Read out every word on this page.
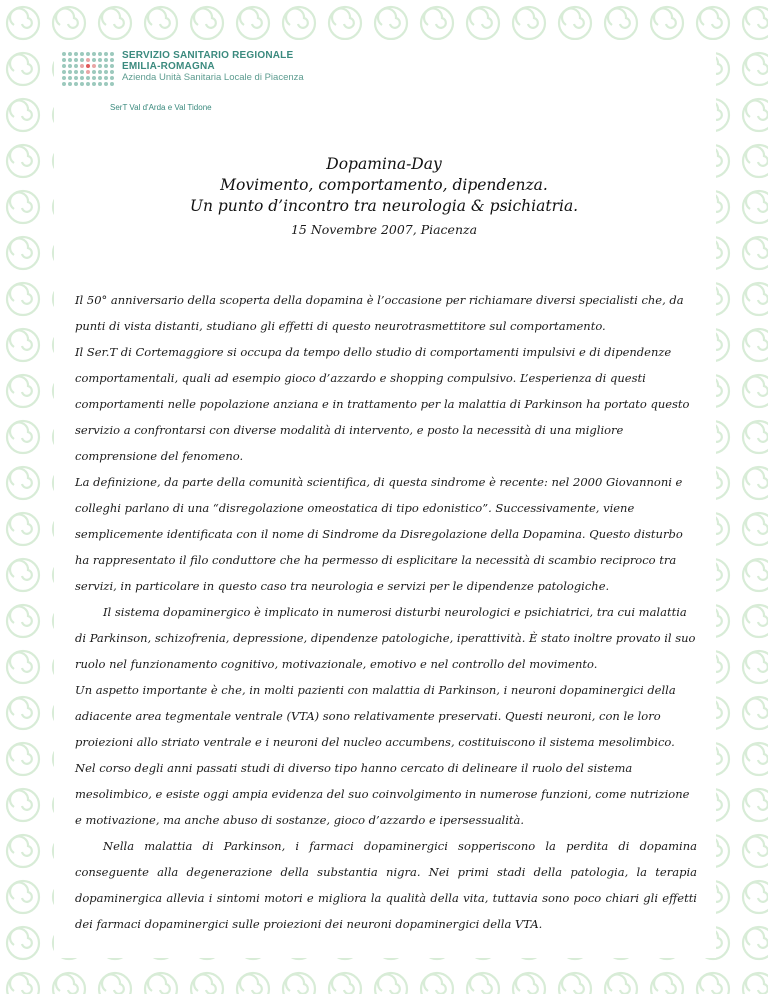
SERVIZIO SANITARIO REGIONALE
EMILIA-ROMAGNA
Azienda Unità Sanitaria Locale di Piacenza
SerT Val d'Arda e Val Tidone
Dopamina-Day
Movimento, comportamento, dipendenza.
Un punto d’incontro tra neurologia & psichiatria.
15 Novembre 2007, Piacenza

Il 50° anniversario della scoperta della dopamina è l’occasione per richiamare diversi specialisti che, da punti di vista distanti, studiano gli effetti di questo neurotrasmettitore sul comportamento.

Il Ser.T di Cortemaggiore si occupa da tempo dello studio di comportamenti impulsivi e di dipendenze comportamentali, quali ad esempio gioco d’azzardo e shopping compulsivo. L’esperienza di questi comportamenti nelle popolazione anziana e in trattamento per la malattia di Parkinson ha portato questo servizio a confrontarsi con diverse modalità di intervento, e posto la necessità di una migliore comprensione del fenomeno.

La definizione, da parte della comunità scientifica, di questa sindrome è recente: nel 2000 Giovannoni e colleghi parlano di una “disregolazione omeostatica di tipo edonistico”. Successivamente, viene semplicemente identificata con il nome di Sindrome da Disregolazione della Dopamina. Questo disturbo ha rappresentato il filo conduttore che ha permesso di esplicitare la necessità di scambio reciproco tra servizi, in particolare in questo caso tra neurologia e servizi per le dipendenze patologiche.

Il sistema dopaminergico è implicato in numerosi disturbi neurologici e psichiatrici, tra cui malattia di Parkinson, schizofrenia, depressione, dipendenze patologiche, iperattività. È stato inoltre provato il suo ruolo nel funzionamento cognitivo, motivazionale, emotivo e nel controllo del movimento.

Un aspetto importante è che, in molti pazienti con malattia di Parkinson, i neuroni dopaminergici della adiacente area tegmentale ventrale (VTA) sono relativamente preservati. Questi neuroni, con le loro proiezioni allo striato ventrale e i neuroni del nucleo accumbens, costituiscono il sistema mesolimbico. Nel corso degli anni passati studi di diverso tipo hanno cercato di delineare il ruolo del sistema mesolimbico, e esiste oggi ampia evidenza del suo coinvolgimento in numerose funzioni, come nutrizione e motivazione, ma anche abuso di sostanze, gioco d’azzardo e ipersessualità.

Nella malattia di Parkinson, i farmaci dopaminergici sopperiscono la perdita di dopamina conseguente alla degenerazione della substantia nigra. Nei primi stadi della patologia, la terapia dopaminergica allevia i sintomi motori e migliora la qualità della vita, tuttavia sono poco chiari gli effetti dei farmaci dopaminergici sulle proiezioni dei neuroni dopaminergici della VTA.
